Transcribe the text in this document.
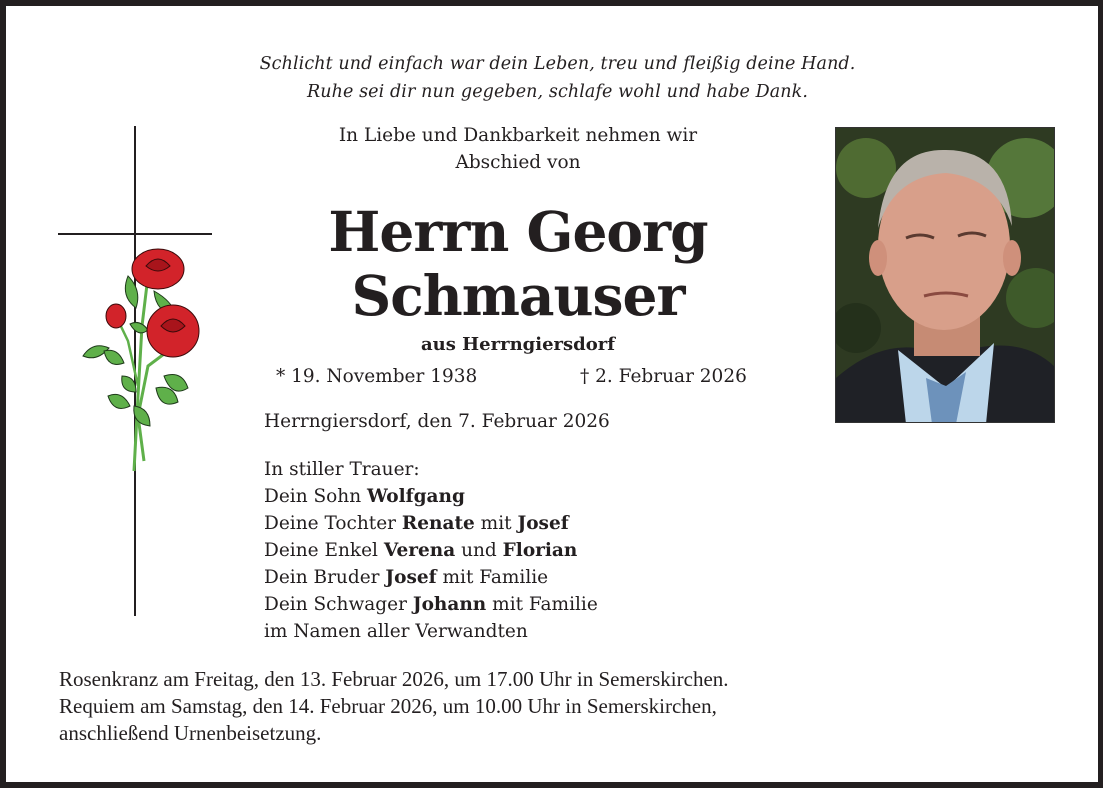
Schlicht und einfach war dein Leben, treu und fleißig deine Hand.
Ruhe sei dir nun gegeben, schlafe wohl und habe Dank.
In Liebe und Dankbarkeit nehmen wir
Abschied von
Herrn Georg
Schmauser
aus Herrngiersdorf
* 19. November 1938	† 2. Februar 2026
Herrngiersdorf, den 7. Februar 2026
In stiller Trauer:
Dein Sohn Wolfgang
Deine Tochter Renate mit Josef
Deine Enkel Verena und Florian
Dein Bruder Josef mit Familie
Dein Schwager Johann mit Familie
im Namen aller Verwandten
Rosenkranz am Freitag, den 13. Februar 2026, um 17.00 Uhr in Semerskirchen.
Requiem am Samstag, den 14. Februar 2026, um 10.00 Uhr in Semerskirchen,
anschließend Urnenbeisetzung.
